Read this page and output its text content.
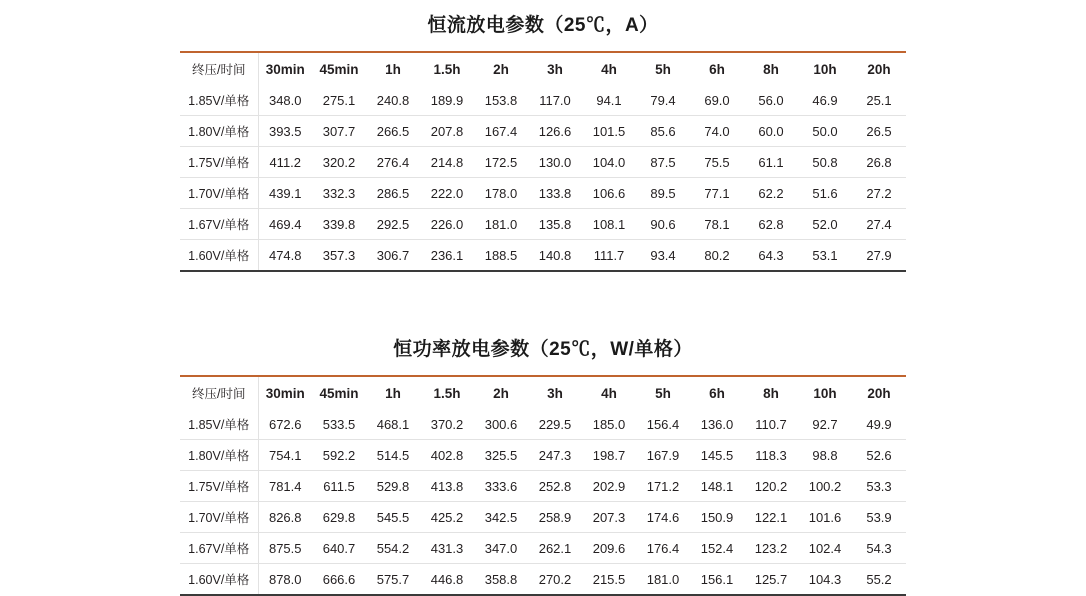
恒流放电参数（25℃，A）
终压/时间	30min	45min	1h	1.5h	2h	3h	4h	5h	6h	8h	10h	20h
1.85V/单格	348.0	275.1	240.8	189.9	153.8	117.0	94.1	79.4	69.0	56.0	46.9	25.1
1.80V/单格	393.5	307.7	266.5	207.8	167.4	126.6	101.5	85.6	74.0	60.0	50.0	26.5
1.75V/单格	411.2	320.2	276.4	214.8	172.5	130.0	104.0	87.5	75.5	61.1	50.8	26.8
1.70V/单格	439.1	332.3	286.5	222.0	178.0	133.8	106.6	89.5	77.1	62.2	51.6	27.2
1.67V/单格	469.4	339.8	292.5	226.0	181.0	135.8	108.1	90.6	78.1	62.8	52.0	27.4
1.60V/单格	474.8	357.3	306.7	236.1	188.5	140.8	111.7	93.4	80.2	64.3	53.1	27.9
恒功率放电参数（25℃，W/单格）
终压/时间	30min	45min	1h	1.5h	2h	3h	4h	5h	6h	8h	10h	20h
1.85V/单格	672.6	533.5	468.1	370.2	300.6	229.5	185.0	156.4	136.0	110.7	92.7	49.9
1.80V/单格	754.1	592.2	514.5	402.8	325.5	247.3	198.7	167.9	145.5	118.3	98.8	52.6
1.75V/单格	781.4	611.5	529.8	413.8	333.6	252.8	202.9	171.2	148.1	120.2	100.2	53.3
1.70V/单格	826.8	629.8	545.5	425.2	342.5	258.9	207.3	174.6	150.9	122.1	101.6	53.9
1.67V/单格	875.5	640.7	554.2	431.3	347.0	262.1	209.6	176.4	152.4	123.2	102.4	54.3
1.60V/单格	878.0	666.6	575.7	446.8	358.8	270.2	215.5	181.0	156.1	125.7	104.3	55.2
